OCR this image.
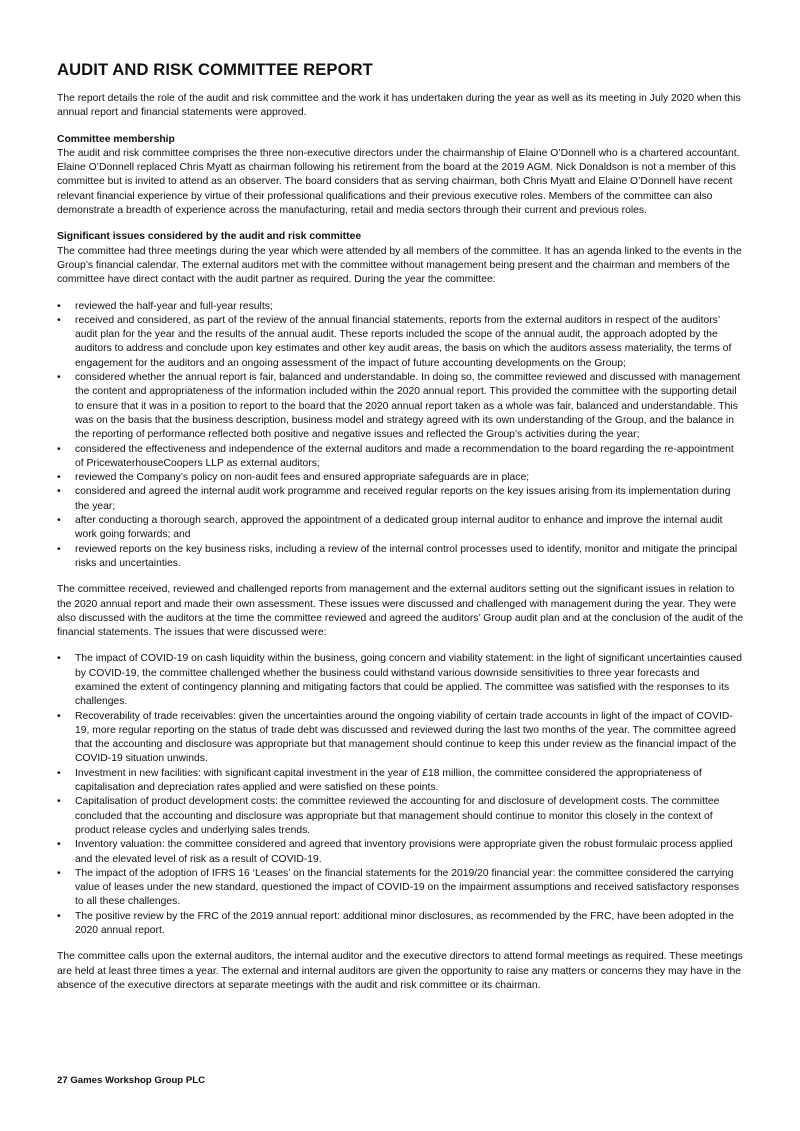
AUDIT AND RISK COMMITTEE REPORT
The report details the role of the audit and risk committee and the work it has undertaken during the year as well as its meeting in July 2020 when this annual report and financial statements were approved.
Committee membership
The audit and risk committee comprises the three non-executive directors under the chairmanship of Elaine O’Donnell who is a chartered accountant. Elaine O’Donnell replaced Chris Myatt as chairman following his retirement from the board at the 2019 AGM. Nick Donaldson is not a member of this committee but is invited to attend as an observer. The board considers that as serving chairman, both Chris Myatt and Elaine O’Donnell have recent relevant financial experience by virtue of their professional qualifications and their previous executive roles. Members of the committee can also demonstrate a breadth of experience across the manufacturing, retail and media sectors through their current and previous roles.
Significant issues considered by the audit and risk committee
The committee had three meetings during the year which were attended by all members of the committee. It has an agenda linked to the events in the Group’s financial calendar. The external auditors met with the committee without management being present and the chairman and members of the committee have direct contact with the audit partner as required. During the year the committee:
•	reviewed the half-year and full-year results;
•	received and considered, as part of the review of the annual financial statements, reports from the external auditors in respect of the auditors’ audit plan for the year and the results of the annual audit. These reports included the scope of the annual audit, the approach adopted by the auditors to address and conclude upon key estimates and other key audit areas, the basis on which the auditors assess materiality, the terms of engagement for the auditors and an ongoing assessment of the impact of future accounting developments on the Group;
•	considered whether the annual report is fair, balanced and understandable. In doing so, the committee reviewed and discussed with management the content and appropriateness of the information included within the 2020 annual report. This provided the committee with the supporting detail to ensure that it was in a position to report to the board that the 2020 annual report taken as a whole was fair, balanced and understandable. This was on the basis that the business description, business model and strategy agreed with its own understanding of the Group, and the balance in the reporting of performance reflected both positive and negative issues and reflected the Group’s activities during the year;
•	considered the effectiveness and independence of the external auditors and made a recommendation to the board regarding the re-appointment of PricewaterhouseCoopers LLP as external auditors;
•	reviewed the Company’s policy on non-audit fees and ensured appropriate safeguards are in place;
•	considered and agreed the internal audit work programme and received regular reports on the key issues arising from its implementation during the year;
•	after conducting a thorough search, approved the appointment of a dedicated group internal auditor to enhance and improve the internal audit work going forwards; and
•	reviewed reports on the key business risks, including a review of the internal control processes used to identify, monitor and mitigate the principal risks and uncertainties.
The committee received, reviewed and challenged reports from management and the external auditors setting out the significant issues in relation to the 2020 annual report and made their own assessment. These issues were discussed and challenged with management during the year. They were also discussed with the auditors at the time the committee reviewed and agreed the auditors’ Group audit plan and at the conclusion of the audit of the financial statements. The issues that were discussed were:
•	The impact of COVID-19 on cash liquidity within the business, going concern and viability statement: in the light of significant uncertainties caused by COVID-19, the committee challenged whether the business could withstand various downside sensitivities to three year forecasts and examined the extent of contingency planning and mitigating factors that could be applied. The committee was satisfied with the responses to its challenges.
•	Recoverability of trade receivables: given the uncertainties around the ongoing viability of certain trade accounts in light of the impact of COVID-19, more regular reporting on the status of trade debt was discussed and reviewed during the last two months of the year. The committee agreed that the accounting and disclosure was appropriate but that management should continue to keep this under review as the financial impact of the COVID-19 situation unwinds.
•	Investment in new facilities: with significant capital investment in the year of £18 million, the committee considered the appropriateness of capitalisation and depreciation rates applied and were satisfied on these points.
•	Capitalisation of product development costs: the committee reviewed the accounting for and disclosure of development costs. The committee concluded that the accounting and disclosure was appropriate but that management should continue to monitor this closely in the context of product release cycles and underlying sales trends.
•	Inventory valuation: the committee considered and agreed that inventory provisions were appropriate given the robust formulaic process applied and the elevated level of risk as a result of COVID-19.
•	The impact of the adoption of IFRS 16 ‘Leases’ on the financial statements for the 2019/20 financial year: the committee considered the carrying value of leases under the new standard, questioned the impact of COVID-19 on the impairment assumptions and received satisfactory responses to all these challenges.
•	The positive review by the FRC of the 2019 annual report: additional minor disclosures, as recommended by the FRC, have been adopted in the 2020 annual report.
The committee calls upon the external auditors, the internal auditor and the executive directors to attend formal meetings as required. These meetings are held at least three times a year. The external and internal auditors are given the opportunity to raise any matters or concerns they may have in the absence of the executive directors at separate meetings with the audit and risk committee or its chairman.
27 Games Workshop Group PLC
